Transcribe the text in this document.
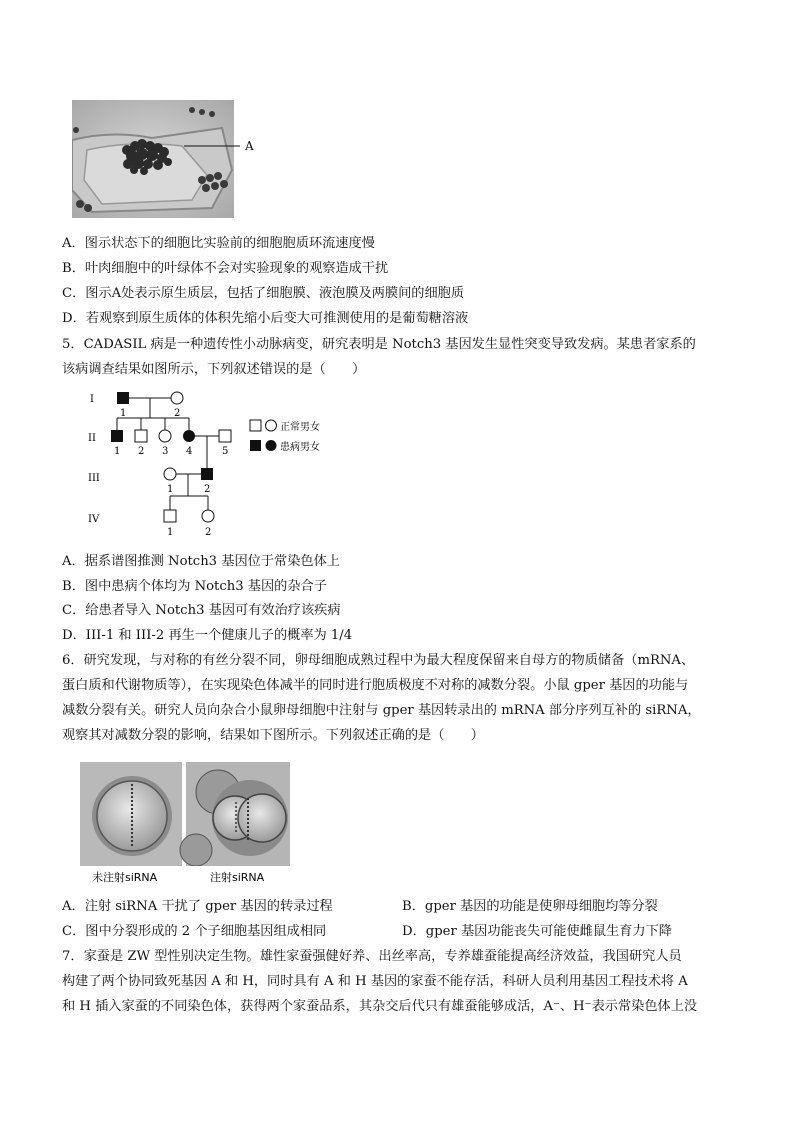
A
A．图示状态下的细胞比实验前的细胞胞质环流速度慢
B．叶肉细胞中的叶绿体不会对实验现象的观察造成干扰
C．图示A处表示原生质层，包括了细胞膜、液泡膜及两膜间的细胞质
D．若观察到原生质体的体积先缩小后变大可推测使用的是葡萄糖溶液
5．CADASIL 病是一种遗传性小动脉病变，研究表明是 Notch3 基因发生显性突变导致发病。某患者家系的
该病调查结果如图所示，下列叙述错误的是（　　）
I
II
III
IV
1	2
1 2 3 4	5
1	2
1	2
正常男女
患病男女
A．据系谱图推测 Notch3 基因位于常染色体上
B．图中患病个体均为 Notch3 基因的杂合子
C．给患者导入 Notch3 基因可有效治疗该疾病
D．III-1 和 III-2 再生一个健康儿子的概率为 1/4
6．研究发现，与对称的有丝分裂不同，卵母细胞成熟过程中为最大程度保留来自母方的物质储备（mRNA、
蛋白质和代谢物质等），在实现染色体减半的同时进行胞质极度不对称的减数分裂。小鼠 gper 基因的功能与
减数分裂有关。研究人员向杂合小鼠卵母细胞中注射与 gper 基因转录出的 mRNA 部分序列互补的 siRNA，
观察其对减数分裂的影响，结果如下图所示。下列叙述正确的是（　　）
未注射siRNA	注射siRNA
A．注射 siRNA 干扰了 gper 基因的转录过程	B．gper 基因的功能是使卵母细胞均等分裂
C．图中分裂形成的 2 个子细胞基因组成相同	D．gper 基因功能丧失可能使雌鼠生育力下降
7．家蚕是 ZW 型性别决定生物。雄性家蚕强健好养、出丝率高，专养雄蚕能提高经济效益，我国研究人员
构建了两个协同致死基因 A 和 H，同时具有 A 和 H 基因的家蚕不能存活，科研人员利用基因工程技术将 A
和 H 插入家蚕的不同染色体，获得两个家蚕品系，其杂交后代只有雄蚕能够成活，A⁻、H⁻表示常染色体上没
